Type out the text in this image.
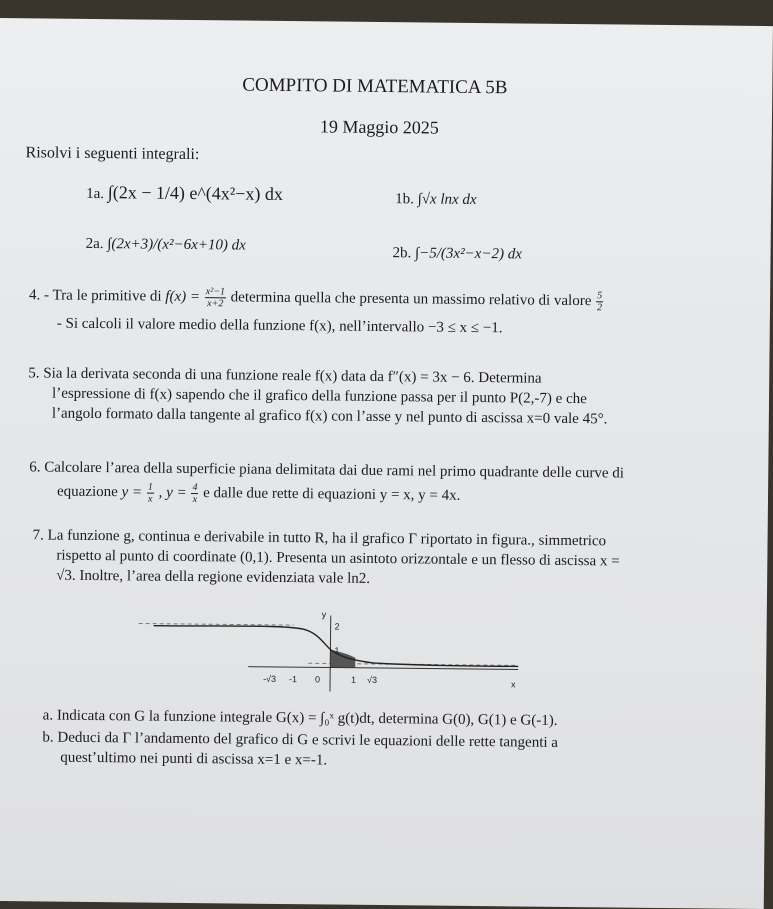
COMPITO DI MATEMATICA 5B
19 Maggio 2025
Risolvi i seguenti integrali:
1a. ∫(2x − 1/4) e^(4x²−x) dx	1b. ∫√x lnx dx
2a. ∫(2x+3)/(x²−6x+10) dx	2b. ∫−5/(3x²−x−2) dx
4. - Tra le primitive di $f(x) = \frac{\text{x²−1}}{x+2}$ determina quella che presenta un massimo relativo di valore $\frac{5}{2}$
- Si calcoli il valore medio della funzione f(x), nell’intervallo −3 ≤ x ≤ −1.
5. Sia la derivata seconda di una funzione reale f(x) data da f″(x) = 3x − 6. Determina
l’espressione di f(x) sapendo che il grafico della funzione passa per il punto P(2,-7) e che
l’angolo formato dalla tangente al grafico f(x) con l’asse y nel punto di ascissa x=0 vale 45°.
6. Calcolare l’area della superficie piana delimitata dai due rami nel primo quadrante delle curve di
equazione $y = \frac{1}{x}$ , $y = \frac{4}{x}$ e dalle due rette di equazioni y = x, y = 4x.
7. La funzione g, continua e derivabile in tutto R, ha il grafico Γ riportato in figura., simmetrico
rispetto al punto di coordinate (0,1). Presenta un asintoto orizzontale e un flesso di ascissa x =
√3. Inoltre, l’area della regione evidenziata vale ln2.
y
2
1
-√3 -1 0	1 √3	x
a. Indicata con G la funzione integrale G(x) = ∫₀ˣ g(t)dt, determina G(0), G(1) e G(-1).
b. Deduci da Γ l’andamento del grafico di G e scrivi le equazioni delle rette tangenti a
quest’ultimo nei punti di ascissa x=1 e x=-1.
